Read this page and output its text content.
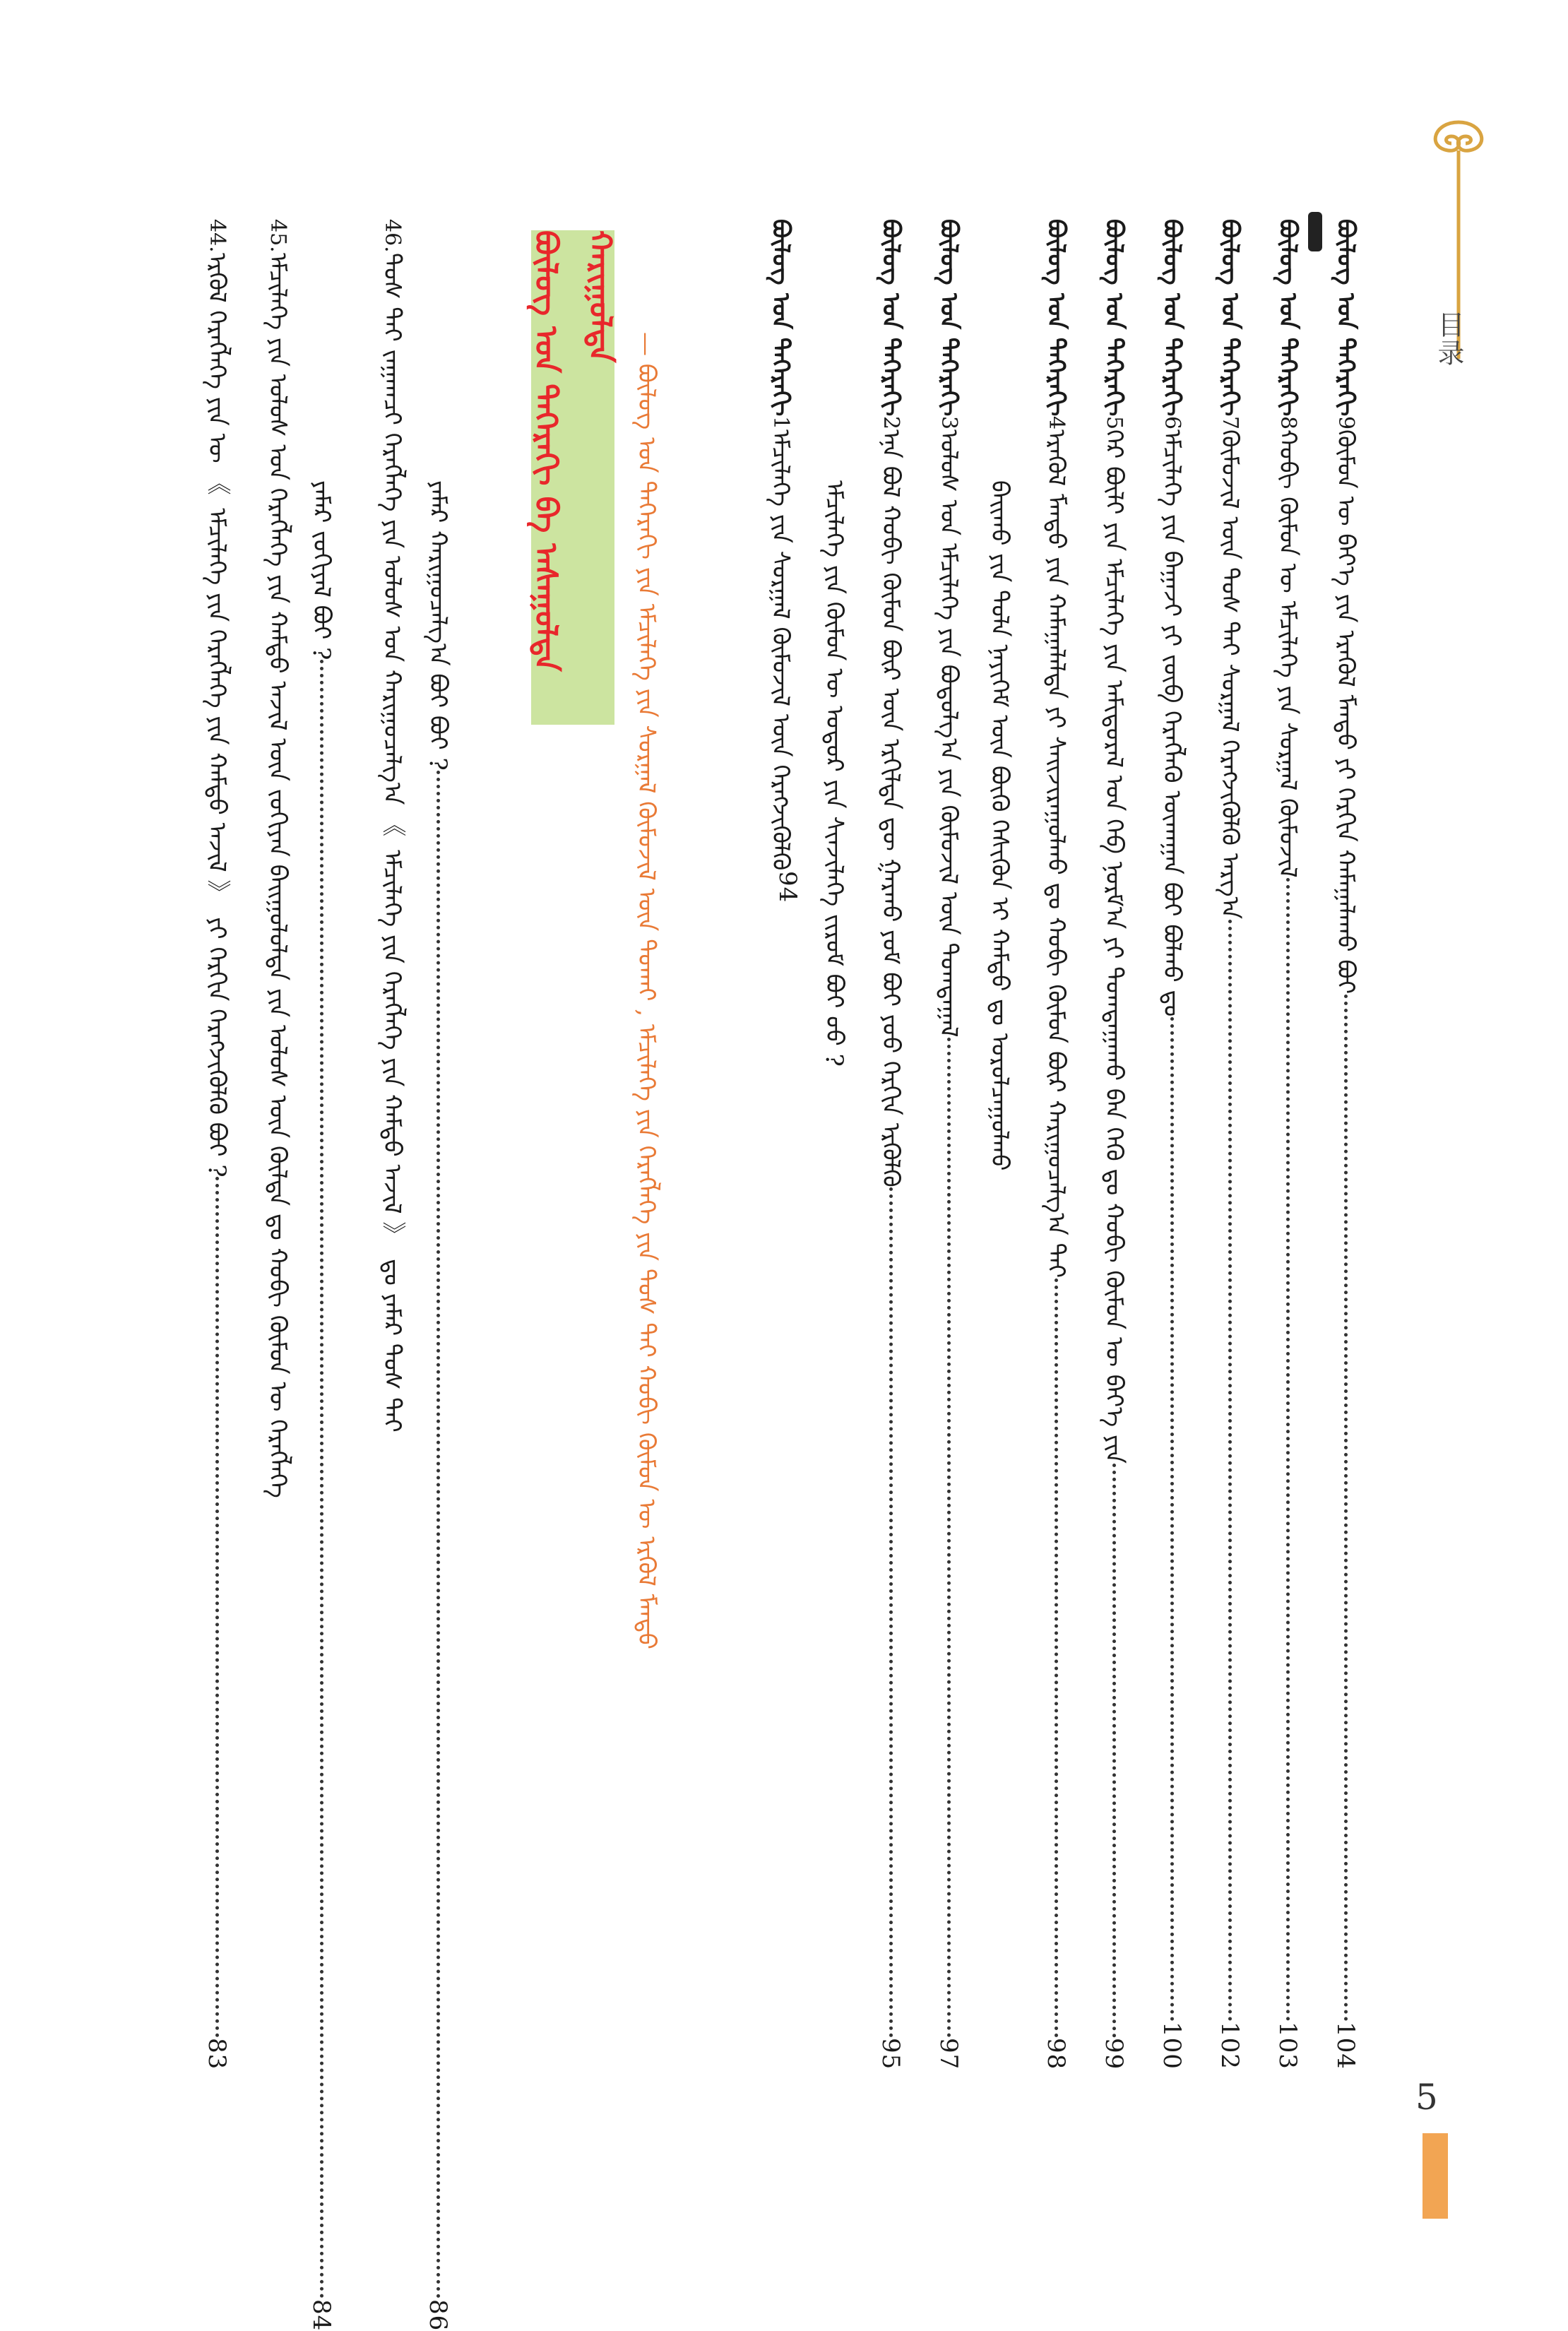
目录
ᠪᠦᠯᠦᠭ ᠤᠨ ᠳᠡᠭᠡᠷᠡᠬᠢ
9
ᠬᠦᠮᠦᠨ ᠦ ᠪᠡᠶ᠎ᠡ ᠶᠢᠨ ᠡᠷᠡᠭᠦᠯ ᠮᠡᠨᠳᠦ ᠶᠢ ᠬᠡᠷᠬᠢᠨ ᠬᠠᠮᠠᠭᠠᠯᠠᠬᠤ ᠪᠤᠢ
104
ᠪᠦᠯᠦᠭ ᠤᠨ ᠳᠡᠭᠡᠷᠡᠬᠢ
8
ᠬᠤᠪᠢ ᠬᠦᠮᠦᠨ ᠦ ᠡᠮᠴᠢᠯᠡᠭᠡ ᠶᠢᠨ ᠰᠤᠷᠭᠠᠯ ᠬᠦᠮᠦᠵᠢᠯ
103
ᠪᠦᠯᠦᠭ ᠤᠨ ᠳᠡᠭᠡᠷᠡᠬᠢ
7
ᠬᠦᠮᠦᠵᠢᠯ ᠦᠨ ᠲᠤᠰ ᠲᠠᠢ ᠰᠤᠷᠭᠠᠯ ᠬᠡᠷᠡᠭᠵᠢᠭᠦᠯᠬᠦ ᠠᠷᠭ᠎ᠠ
102
ᠪᠦᠯᠦᠭ ᠤᠨ ᠳᠡᠭᠡᠷᠡᠬᠢ
6
ᠡᠮᠴᠢᠯᠡᠭᠡ ᠶᠢᠨ ᠪᠠᠭᠠᠵᠢ ᠶᠢ ᠵᠥᠪ ᠬᠡᠷᠡᠭᠯᠡᠬᠦ ᠦᠬᠠᠭᠠᠨ ᠪᠤᠢ ᠪᠣᠯᠬᠤ ᠳᠤ
100
ᠪᠦᠯᠦᠭ ᠤᠨ ᠳᠡᠭᠡᠷᠡᠬᠢ
5
ᠭᠡᠷ ᠪᠦᠯᠢ ᠶᠢᠨ ᠡᠮᠴᠢᠯᠡᠭᠡ ᠶᠢᠨ ᠠᠮᠢᠳᠤᠷᠠᠯ ᠤᠨ ᠬᠡᠪ ᠨᠣᠷᠮ᠎ᠠ ᠶᠢ ᠲᠣᠭᠲᠠᠭᠠᠬᠤ ᠪᠡᠨ ᠭᠡᠬᠦ ᠳᠤ ᠬᠤᠪᠢ ᠬᠦᠮᠦᠨ ᠦ ᠪᠡᠶ᠎ᠡ ᠶᠢᠨ
99
ᠪᠦᠯᠦᠭ ᠤᠨ ᠳᠡᠭᠡᠷᠡᠬᠢ
4
ᠡᠷᠡᠭᠦᠯ ᠮᠡᠨᠳᠦ ᠶᠢᠨ ᠬᠠᠮᠠᠭᠠᠯᠠᠯᠲᠠ ᠶᠢ ᠰᠠᠢᠵᠢᠷᠠᠭᠤᠯᠬᠤ ᠳᠤ ᠬᠤᠪᠢ ᠬᠦᠮᠦᠨ ᠪᠦᠷ ᠬᠠᠷᠢᠭᠤᠴᠠᠯᠭ᠎ᠠ ᠲᠠᠢ
98
ᠪᠠᠢᠬᠤ ᠶᠢᠨ ᠲᠤᠯᠠ ᠨᠡᠶᠢᠭᠡᠮ ᠦᠨ ᠪᠦᠬᠦ ᠭᠡᠰᠢᠭᠦᠨ ᠢ ᠬᠠᠮᠲᠤ ᠳᠤ ᠣᠷᠤᠯᠴᠠᠭᠤᠯᠬᠤ
ᠪᠦᠯᠦᠭ ᠤᠨ ᠳᠡᠭᠡᠷᠡᠬᠢ
3
ᠤᠯᠤᠰ ᠤᠨ ᠡᠮᠴᠢᠯᠡᠭᠡ ᠶᠢᠨ ᠪᠤᠳᠤᠯᠭ᠎ᠠ ᠶᠢᠨ ᠬᠦᠮᠦᠵᠢᠯ ᠦᠨ ᠲᠣᠭᠲᠠᠭᠠᠯ
97
ᠪᠦᠯᠦᠭ ᠤᠨ ᠳᠡᠭᠡᠷᠡᠬᠢ
2
ᠡᠨᠡ ᠪᠣᠯ ᠬᠤᠪᠢ ᠬᠦᠮᠦᠨ ᠪᠦᠷ ᠦᠨ ᠡᠷᠭᠢᠯᠲᠡ ᠳᠦ ᠭᠠᠷᠬᠤ ᠶᠤᠮ ᠪᠤᠢ ᠶᠤᠤ ᠬᠡᠷᠬᠢᠨ ᠡᠷᠭᠦᠯᠬᠦ
95
ᠡᠮᠴᠢᠯᠡᠭᠡ ᠶᠢᠨ ᠬᠦᠮᠦᠨ ᠦ ᠤᠳᠤᠷ ᠶᠢᠨ ᠰᠢᠨᠵᠢᠯᠡᠭᠡ ᠵᠢᠷᠤᠮ ᠪᠤᠢ ᠦᠦ ?
ᠪᠦᠯᠦᠭ ᠤᠨ ᠳᠡᠭᠡᠷᠡᠬᠢ
1
ᠡᠮᠴᠢᠯᠡᠭᠡ ᠶᠢᠨ ᠰᠤᠷᠭᠠᠯ ᠬᠦᠮᠦᠵᠢᠯ ᠦᠨ ᠬᠡᠷᠡᠭᠵᠢᠭᠦᠯᠬᠦ
94
— ᠪᠦᠯᠦᠭ ᠤᠨ ᠳᠡᠭᠡᠷᠡᠬᠢ ᠶᠢᠨ ᠡᠮᠴᠢᠯᠡᠭᠡ ᠶᠢᠨ ᠰᠤᠷᠭᠠᠯ ᠬᠦᠮᠦᠵᠢᠯ ᠦᠨ ᠲᠤᠬᠠᠢ , ᠡᠮᠴᠢᠯᠡᠭᠡ ᠶᠢᠨ ᠬᠡᠷᠡᠭᠯᠡᠭᠡ ᠶᠢᠨ ᠲᠤᠰ ᠲᠠᠢ ᠬᠤᠪᠢ ᠬᠦᠮᠦᠨ ᠦ ᠡᠷᠭᠦᠯ ᠮᠡᠨᠳᠦ
ᠪᠦᠯᠦᠭ ᠤᠨ ᠳᠡᠭᠡᠷᠡᠬᠢ ᠪᠠ ᠠᠰᠠᠭᠤᠯᠲᠠ ᠬᠠᠷᠢᠭᠤᠯᠲᠠ
46.
ᠲᠤᠰ ᠲᠠᠢ ᠵᠠᠭᠠᠭᠴᠢ ᠬᠡᠷᠡᠭᠯᠡᠭᠡ ᠶᠢᠨ ᠤᠯᠤᠰ ᠤᠨ ᠬᠠᠷᠢᠭᠤᠴᠠᠯᠭ᠎ᠠ 《 ᠡᠮᠴᠢᠯᠡᠭᠡ ᠶᠢᠨ ᠬᠡᠷᠡᠭᠯᠡᠭᠡ ᠶᠢᠨ ᠬᠠᠮᠲᠤ ᠠᠵᠢᠯ 》 ᠳᠤ ᠶᠠᠮᠠᠷ ᠲᠤᠰ ᠲᠠᠢ ᠶᠠᠮᠠᠷ ᠬᠠᠷᠢᠭᠤᠴᠠᠯᠭ᠎ᠠ ᠪᠤᠢ ᠪᠤᠢ ?
86
45.
ᠡᠮᠴᠢᠯᠡᠭᠡ ᠶᠢᠨ ᠤᠯᠤᠰ ᠤᠨ ᠬᠡᠷᠡᠭᠯᠡᠭᠡ ᠶᠢᠨ ᠬᠠᠮᠲᠤ ᠠᠵᠢᠯ ᠦᠨ ᠵᠣᠬᠢᠶᠠᠨ ᠪᠠᠢᠭᠤᠯᠤᠯᠲᠠ ᠶᠢᠨ ᠤᠯᠤᠰ ᠦᠨ ᠬᠦᠯᠲᠡ ᠳᠤ ᠬᠤᠪᠢ ᠬᠦᠮᠦᠨ ᠦ ᠬᠡᠷᠡᠭᠯᠡᠭᠡ ᠶᠠᠮᠠᠷ ᠵᠣᠬᠢᠶᠠᠯ ᠪᠤᠢ ?
84
44.
ᠡᠷᠭᠦᠯ ᠬᠡᠷᠡᠭᠯᠡᠭᠡ ᠶᠢᠨ ᠦ 《 ᠡᠮᠴᠢᠯᠡᠭᠡ ᠶᠢᠨ ᠬᠡᠷᠡᠭᠯᠡᠭᠡ ᠶᠢᠨ ᠬᠠᠮᠲᠤ ᠠᠵᠢᠯ 》 ᠶᠢ ᠬᠡᠷᠬᠢᠨ ᠬᠡᠷᠡᠭᠵᠢᠭᠦᠯᠬᠦ ᠪᠤᠢ ?
83
5
